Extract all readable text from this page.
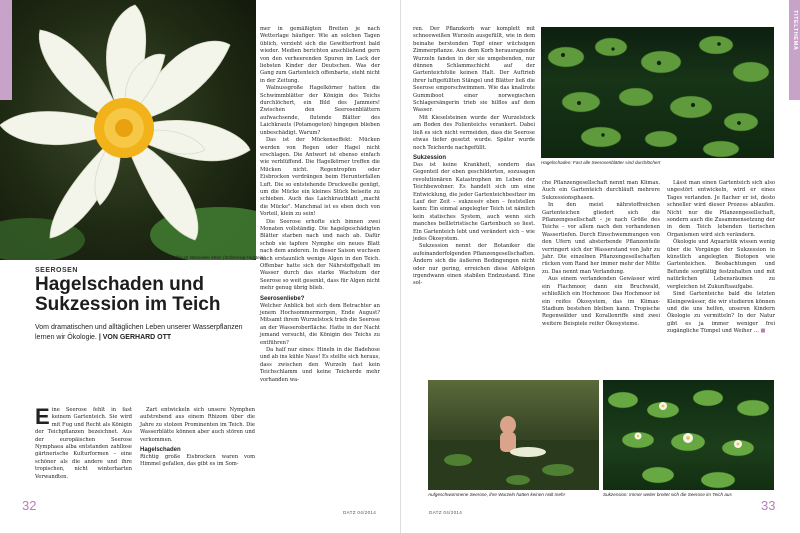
Nymphaea alba im Wesseker Moor (Schleswig-Holstein)
SEEROSEN
Hagelschaden und Sukzession im Teich

Vom dramatischen und alltäglichen Leben unserer Wasserpflanzen lernen wir Ökologie. | VON GERHARD OTT

Eine Seerose fehlt in fast keinem Gartenteich. Sie wird mit Fug und Recht als Königin der Teichpflanzen bezeichnet. Aus der europäischen Seerose Nymphaea alba entstanden zahllose gärtnerische Kulturformen – eine schöner als die andere und ihre tropischen, nicht winterharten Verwandten.

Zart entwickeln sich unsere Nymphen aufstrebend aus einem Rhizom über die Jahre zu stolzen Prominenten im Teich. Die Wasserblätte können aber auch stören und verkommen.

Hagelschaden

Richtig große Eisbrocken waren vom Himmel gefallen, das gibt es im Som-

mer in gemäßigten Breiten je nach Wetterlage häufiger. Wie an solchen Tagen üblich, verzieht sich die Gewitterfront bald wieder. Medien berichten anschließend gern von den verheerenden Spuren im Lack der liebsten Kinder der Deutschen. Was der Gang zum Gartenteich offenbarte, steht nicht in der Zeitung.

Walnussgroße Hagelkörner hatten die Schwimmblätter der Königin des Teichs durchlöchert, ein Bild des Jammers! Zwischen den Seerosenblättern aufwachsende, flutende Blätter des Laichkrauts (Potamogeton) hingegen blieben unbeschädigt. Warum?

Das ist der Mückenseffekt: Mücken werden von Regen oder Hagel nicht erschlagen. Die Antwort ist ebenso einfach wie verblüffend. Die Hagelkörner treffen die Mücken nicht. Regentropfen oder Eisbrocken verdrängen beim Herunterfallen Luft. Die so entstehende Druckwelle genügt, um die Mücke ein kleines Stück beiseite zu schieben. Auch das Laichkrautblatt „macht die Mücke". Manchmal ist es eben doch von Vorteil, klein zu sein!

Die Seerose erhofte sich binnen zwei Monaten vollständig. Die hagelgeschädigten Blätter starben nach und nach ab. Dafür schob sie tapfere Nymphe ein neues Blatt nach dem anderen. In dieser Saison wuchsen auch erstaunlich wenige Algen in den Teich. Offenbar hatte sich der Nährstoffgehalt im Wasser durch das starke Wachstum der Seerose so weit gesenkt, dass für Algen nicht mehr genug übrig blieb.

Seerosenliebe?

Welcher Anblick bot sich dem Betrachter an jenem Hochsommermorgen, Ende August? Mitsamt ihrem Wurzelstock trieb die Seerose an der Wasseroberfläche. Hatte in der Nacht jemand versucht, die Königin des Teichs zu entführen?

Da half nur eines: Hineln in die Badehose und ab ins kühle Nass! Es stellte sich heraus, dass zwischen den Wurzeln fast kein Teichschlamm und keine Teicherde mehr vorhanden wa-

32	DATZ 04/2014

ren. Der Pflanzkorb war komplett mit schneeweißen Wurzeln ausgefüllt, wie in dem beinahe berstenden Topf einer wüchsigen Zimmerpflanze. Aus dem Korb herausragende Wurzeln fanden in der sie umgebenden, nur dünnen Schlammschicht auf der Gartenteichfolie keinen Halt. Der Auftrieb ihrer luftgefüllten Stängel und Blätter ließ die Seerose emporschwimmen. Wie das knallrote Gummiboot einer norwegischen Schlagersängerin trieb sie hilflos auf dem Wasser.

Mit Kieselsteinen wurde der Wurzelstock am Boden des Folienteichs verankert. Dabei ließ es sich nicht vermeiden, dass die Seerose etwas tiefer gesetzt wurde. Später wurde noch Teicherde nachgefüllt.

Sukzession

Das ist keine Krankheit, sondern das Gegenteil der eben geschilderten, sozusagen revolutionären Katastrophen im Leben der Teichbewohner. Es handelt sich um eine Entwicklung, die jeder Gartenteichbesitzer im Lauf der Zeit – sukzessiv eben – feststellen kann: Ein einmal angelegter Teich ist nämlich kein statisches System, auch wenn sich manches bellletristische Gartenbuch so liest. Ein Gartenteich lebt und verändert sich – wie jedes Ökosystem.

Sukzession nennt der Botaniker die aufeinanderfolgenden Pflanzengesellschaften. Ändern sich die äußeren Bedingungen nicht oder nur gering, erreichen diese Abfolgen irgendwann einen stabilen Endzustand. Eine sol-

che Pflanzengesellschaft nennt man Klimax. Auch ein Gartenteich durchläuft mehrere Sukzessionsphasen.

In den meist nährstoffreichen Gartenteichen gliedert sich die Pflanzengesellschaft – je nach Größe des Teichs – vor allem nach den vorhandenen Wassertiefen. Durch Einschwemmungen von den Ufern und absterbende Pflanzenteile verringert sich der Wasserstand von Jahr zu Jahr. Die einzelnen Pflanzengesellschaften rücken vom Rand her immer mehr der Mitte zu. Das nennt man Verlandung.

Aus einem verlandenden Gewässer wird ein Flachmoor, dann ein Bruchwald, schließlich ein Hochmoor. Das Hochmoor ist ein reifes Ökosystem, das im Klimax-Stadium bestehen bleiben kann. Tropische Regenwälder und Korallenriffe sind zwei weitere Beispiele reifer Ökosysteme.

Lässt man einen Gartenteich sich also ungestört entwickeln, wird er eines Tages verlanden. Je flacher er ist, desto schneller wird dieser Prozess ablaufen. Nicht nur die Pflanzengesellschaft, sondern auch die Zusammensetzung der in dem Teich lebenden tierischen Organismen wird sich verändern.

Ökologie und Aquaristik wissen wenig über die Vorgänge der Sukzession in künstlich angelegten Biotopen wie Gartenteichen. Beobachtungen und Befunde sorgfältig festzuhalten und mit natürlichen Lebensräumen zu vergleichen ist Zukunftsaufgabe.

Sind Gartenteiche bald die letzten Kleingewässer, die wir studieren können und die uns helfen, unseren Kindern Ökologie zu vermitteln? In der Natur gibt es ja immer weniger frei zugängliche Tümpel und Weiher … ■

TITELTHEMA
33
DATZ 04/2014
Hagelschaden: Fast alle Seerosenblätter sind durchlöchert
Aufgeschwommene Seerose, ihre Wurzeln hatten keinen Halt mehr	Sukzession: Immer weiter breitet sich die Seerose im Teich aus
